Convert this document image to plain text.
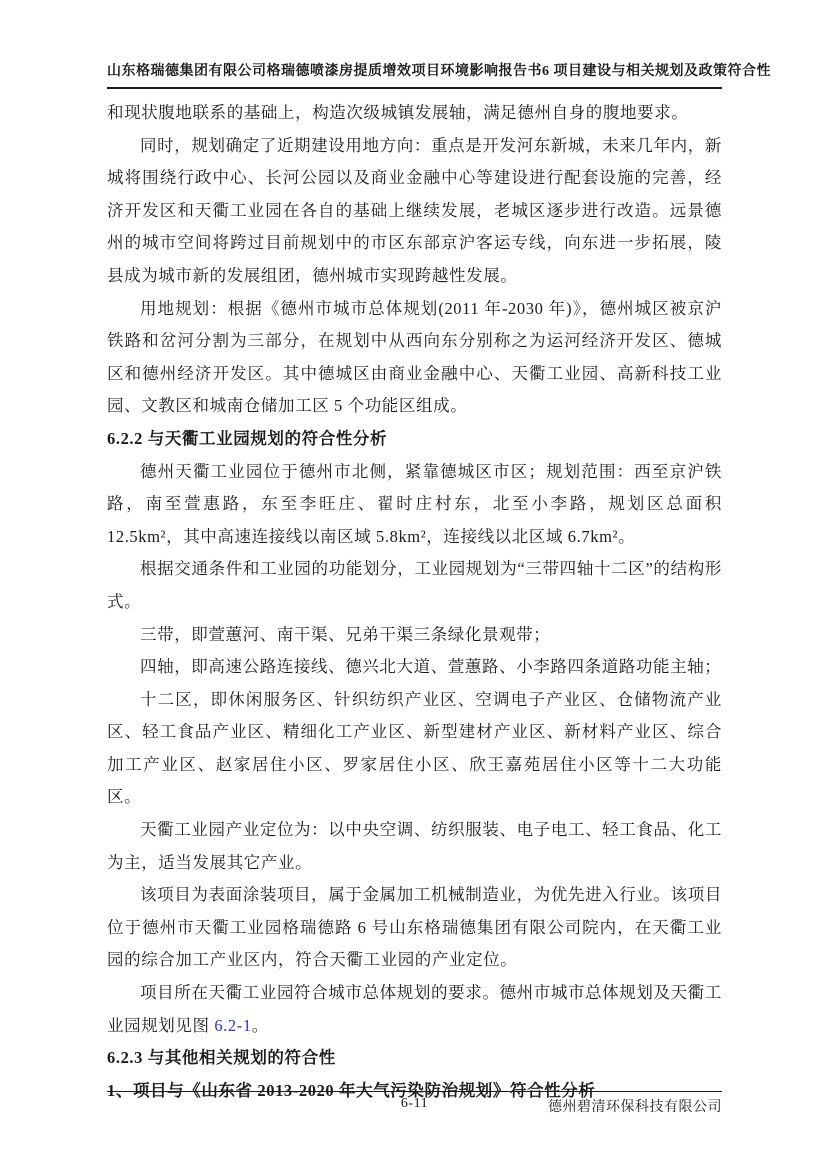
山东格瑞德集团有限公司格瑞德喷漆房提质增效项目环境影响报告书 6 项目建设与相关规划及政策符合性

和现状腹地联系的基础上，构造次级城镇发展轴，满足德州自身的腹地要求。

同时，规划确定了近期建设用地方向：重点是开发河东新城，未来几年内，新城将围绕行政中心、长河公园以及商业金融中心等建设进行配套设施的完善，经济开发区和天衢工业园在各自的基础上继续发展，老城区逐步进行改造。远景德州的城市空间将跨过目前规划中的市区东部京沪客运专线，向东进一步拓展，陵县成为城市新的发展组团，德州城市实现跨越性发展。

用地规划：根据《德州市城市总体规划(2011 年-2030 年)》，德州城区被京沪铁路和岔河分割为三部分，在规划中从西向东分别称之为运河经济开发区、德城区和德州经济开发区。其中德城区由商业金融中心、天衢工业园、高新科技工业园、文教区和城南仓储加工区 5 个功能区组成。

6.2.2 与天衢工业园规划的符合性分析

德州天衢工业园位于德州市北侧，紧靠德城区市区；规划范围：西至京沪铁路，南至萱惠路，东至李旺庄、翟时庄村东，北至小李路，规划区总面积 12.5km²，其中高速连接线以南区域 5.8km²，连接线以北区域 6.7km²。

根据交通条件和工业园的功能划分，工业园规划为“三带四轴十二区”的结构形式。

三带，即萱蕙河、南干渠、兄弟干渠三条绿化景观带；

四轴，即高速公路连接线、德兴北大道、萱蕙路、小李路四条道路功能主轴；

十二区，即休闲服务区、针织纺织产业区、空调电子产业区、仓储物流产业区、轻工食品产业区、精细化工产业区、新型建材产业区、新材料产业区、综合加工产业区、赵家居住小区、罗家居住小区、欣王嘉苑居住小区等十二大功能区。

天衢工业园产业定位为：以中央空调、纺织服装、电子电工、轻工食品、化工为主，适当发展其它产业。

该项目为表面涂装项目，属于金属加工机械制造业，为优先进入行业。该项目位于德州市天衢工业园格瑞德路 6 号山东格瑞德集团有限公司院内，在天衢工业园的综合加工产业区内，符合天衢工业园的产业定位。

项目所在天衢工业园符合城市总体规划的要求。德州市城市总体规划及天衢工业园规划见图 6.2-1。

6.2.3 与其他相关规划的符合性

1、项目与《山东省 2013-2020 年大气污染防治规划》符合性分析

6-11	德州碧清环保科技有限公司
